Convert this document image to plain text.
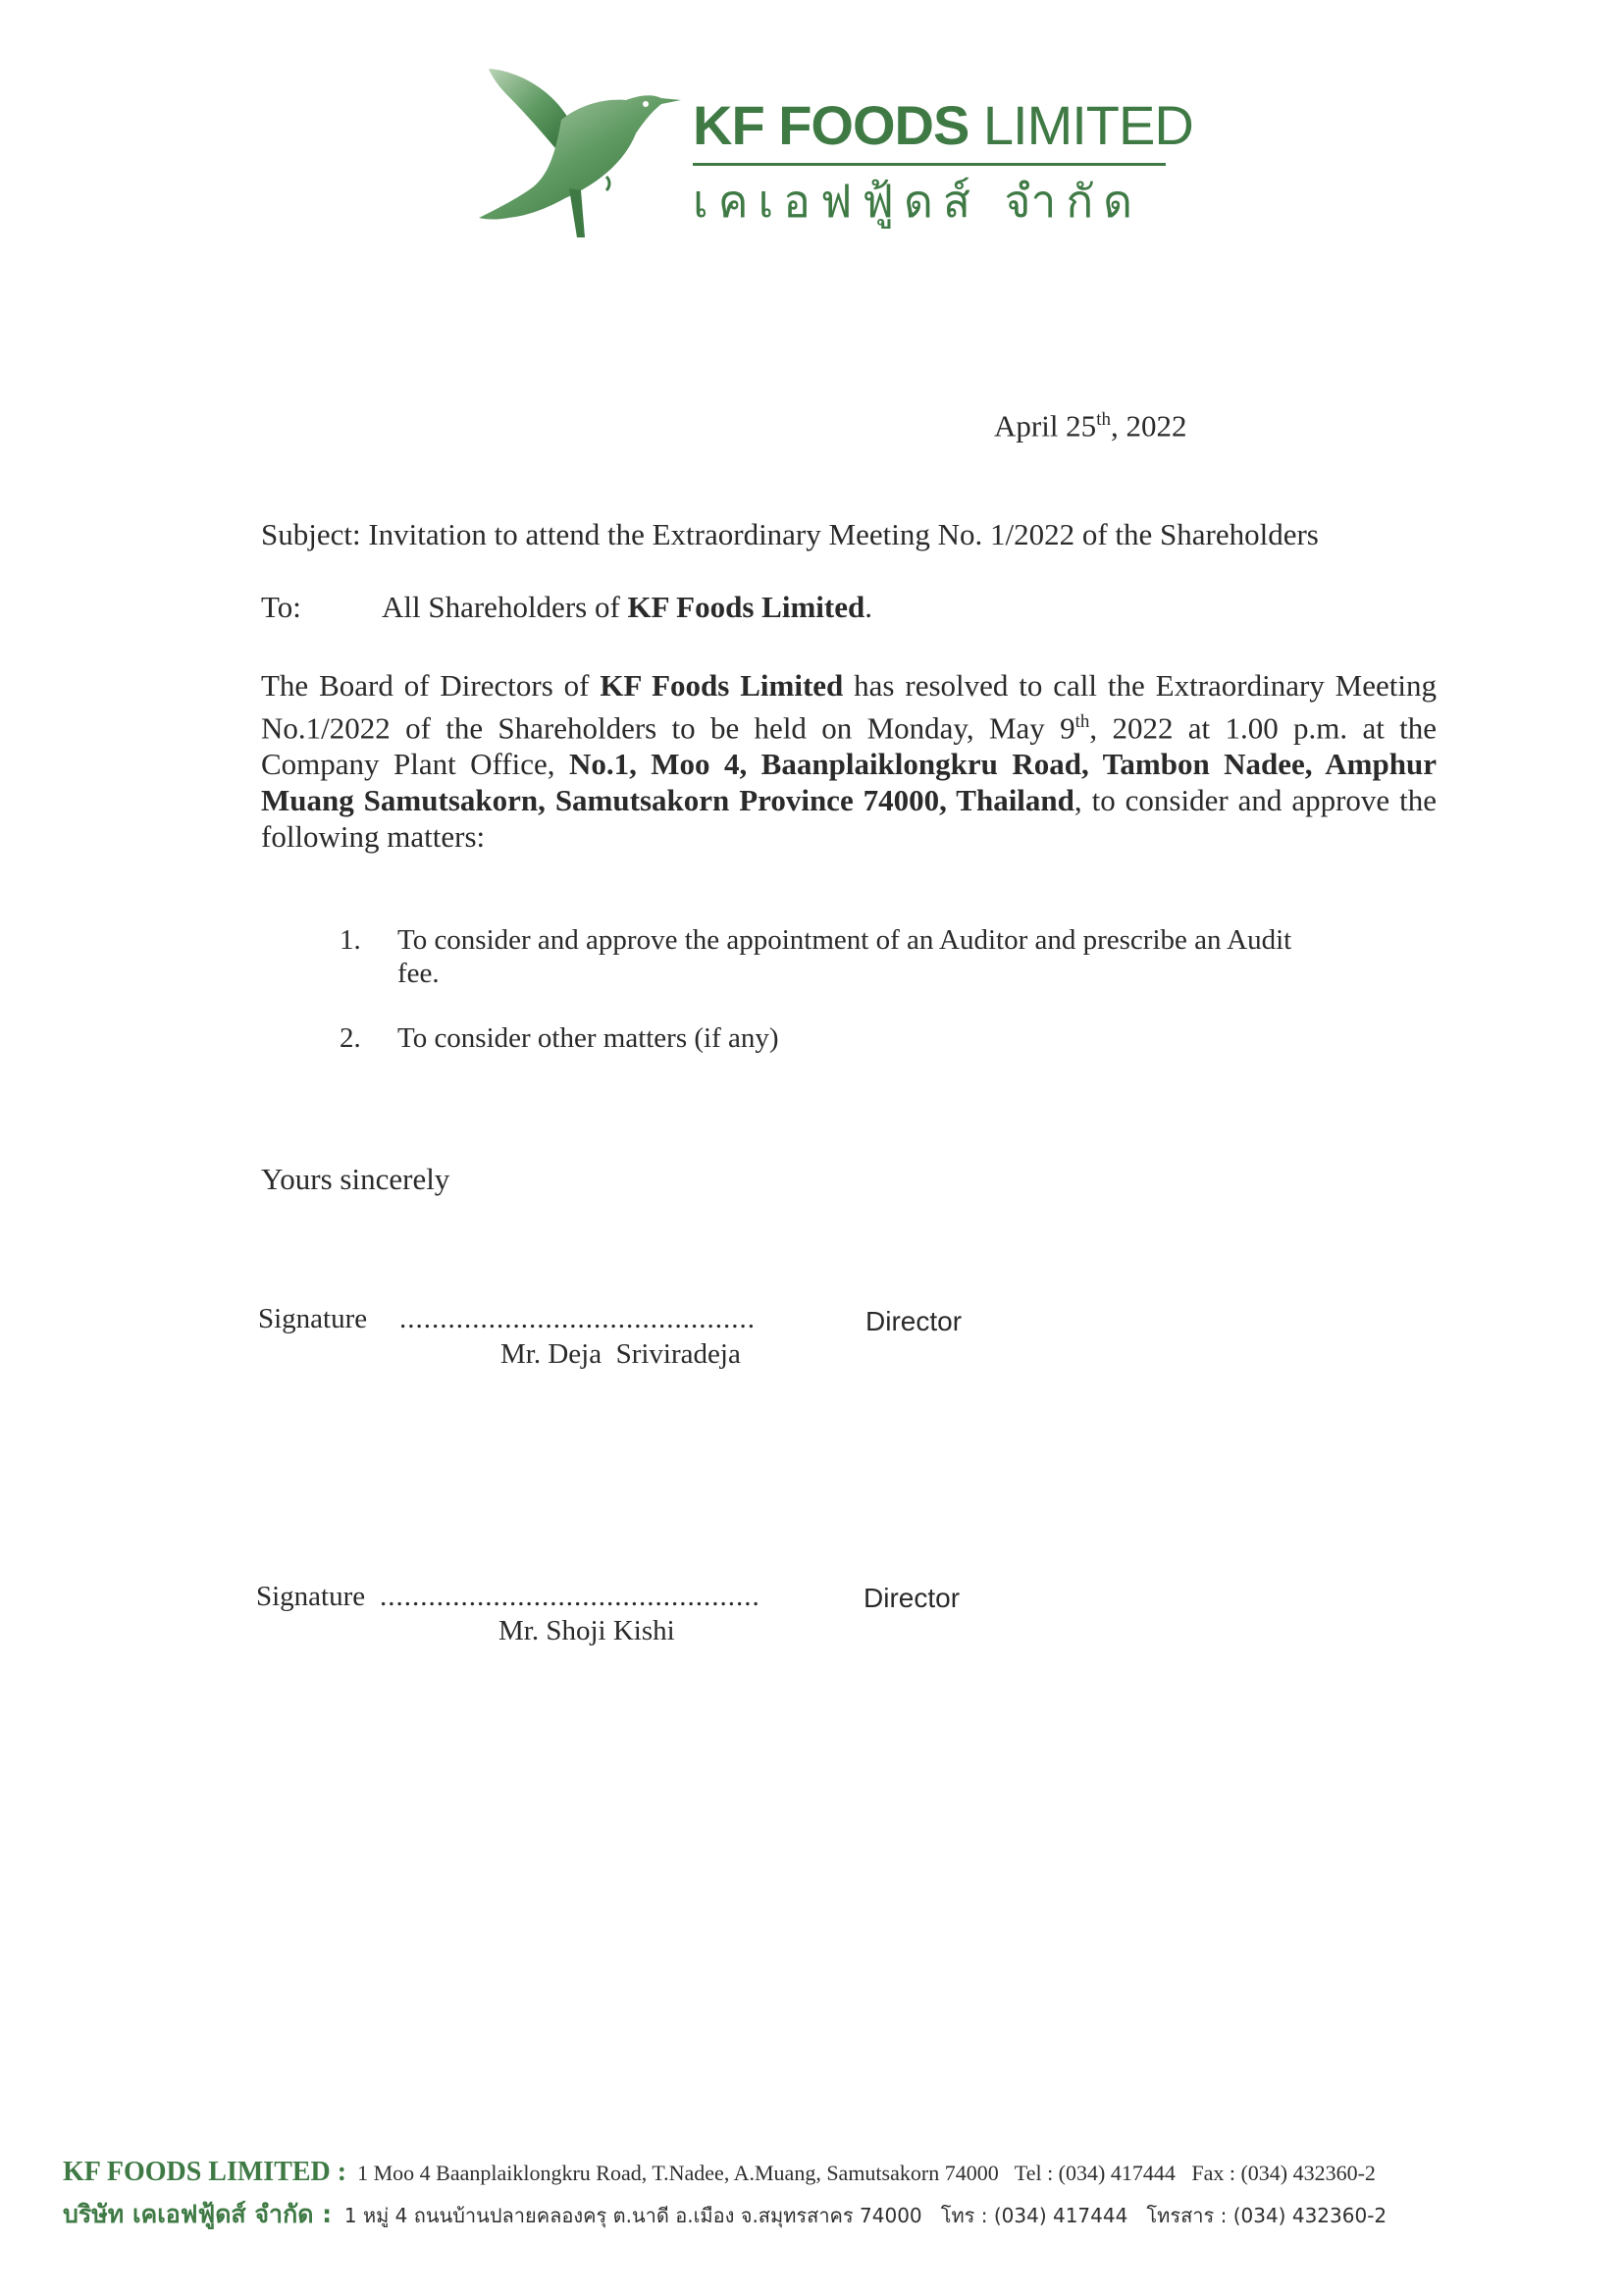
KF FOODS LIMITED
เคเอฟฟู้ดส์ จำกัด
April 25th, 2022
Subject: Invitation to attend the Extraordinary Meeting No. 1/2022 of the Shareholders
To:	All Shareholders of KF Foods Limited.
The Board of Directors of KF Foods Limited has resolved to call the Extraordinary Meeting No.1/2022 of the Shareholders to be held on Monday, May 9th, 2022 at 1.00 p.m. at the Company Plant Office, No.1, Moo 4, Baanplaiklongkru Road, Tambon Nadee, Amphur Muang Samutsakorn, Samutsakorn Province 74000, Thailand, to consider and approve the following matters:
1. To consider and approve the appointment of an Auditor and prescribe an Audit fee.
2. To consider other matters (if any)
Yours sincerely
Signature ............................................	Director
Mr. Deja  Sriviradeja
Signature ...............................................	Director
Mr. Shoji Kishi
KF FOODS LIMITED : 1 Moo 4 Baanplaiklongkru Road, T.Nadee, A.Muang, Samutsakorn 74000   Tel : (034) 417444   Fax : (034) 432360-2
บริษัท เคเอฟฟู้ดส์ จำกัด : 1 หมู่ 4 ถนนบ้านปลายคลองครุ ต.นาดี อ.เมือง จ.สมุทรสาคร 74000   โทร : (034) 417444   โทรสาร : (034) 432360-2
